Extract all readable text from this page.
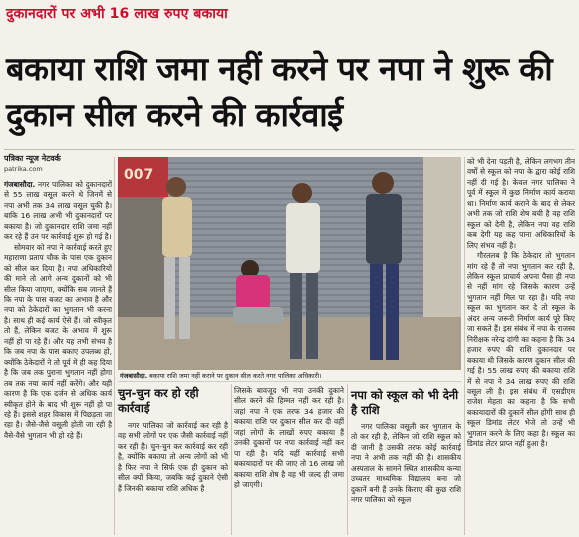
दुकानदारों पर अभी 16 लाख रुपए बकाया
बकाया राशि जमा नहीं करने पर नपा ने शुरू की दुकान सील करने की कार्रवाई
पत्रिका न्यूज नेटवर्क
patrika.com

गंजबासौदा. नगर पालिका को दुकानदारों से 55 लाख वसूल करने थे जिनमें से नपा अभी तक 34 लाख वसूल चुकी है। बाकि 16 लाख अभी भी दुकानदारों पर बकाया है। जो दुकानदार राशि जमा नहीं कर रहे हैं उन पर कार्रवाई शुरू हो गई है।

सोमवार को नपा ने कार्रवाई करते हुए महाराणा प्रताप चौक के पास एक दुकान को सील कर दिया है। नपा अधिकारियों की माने तो आगे अन्य दुकानों को भी सील किया जाएगा, क्योंकि सब जानते हैं कि नपा के पास बजट का अभाव है और नपा को ठेकेदारों का भुगतान भी करना है। साथ ही कई कार्य ऐसे हैं। जो स्वीकृत तो हैं, लेकिन बजट के अभाव में शुरू नहीं हो पा रहे हैं। और यह तभी संभव है कि जब नपा के पास बकाए उपलब्ध हो, क्योंकि ठेकेदारों ने तो पूर्व में ही कह दिया है कि जब तक पुराना भुगतान नहीं होगा तब तक नया कार्य नहीं करेंगे। और यही कारण है कि एक दर्जन से अधिक कार्य स्वीकृत होने के बाद भी शुरू नहीं हो पा रहे हैं। इससे शहर विकास में पिछड़ता जा रहा है। जैसे-जैसे वसूली होती जा रही है वैसे-वैसे भुगतान भी हो रहे हैं।

007
गंजबासौदा. बकाया राशि जमा नहीं कराने पर दुकान सील करते नगर पालिका अधिकारी।
चुन-चुन कर हो रही कार्रवाई

नगर पालिका जो कार्रवाई कर रही है वह सभी लोगों पर एक जैसी कार्रवाई नहीं कर रही है। चुन-चुन कर कार्रवाई कर रही है, क्योंकि बकाया तो अन्य लोगों को भी है फिर नपा ने सिर्फ एक ही दुकान को सील क्यों किया, जबकि कई दुकाने ऐसी हैं जिनकी बकाया राशि अधिक है

जिसके बावजूद भी नपा उनकी दुकाने सील करने की हिम्मत नहीं कर रही है। जहां नपा ने एक तरफ 34 हजार की बकाया राशि पर दुकान सील कर दी वहीं जहां लोगों के लाखों रुपए बकाया हैं उनकी दुकानों पर नपा कार्रवाई नहीं कर पा रही है। यदि यहीं कार्रवाई सभी बकायादारों पर की जाए तो 16 लाख जो बकाया राशि शेष है वह भी जल्द ही जमा हो जाएगी।

नपा को स्कूल को भी देनी है राशि

नगर पालिका वसूली कर भुगतान के तो कर रही है, लेकिन जो राशि स्कूल को दी जानी है उसकी तरफ कोई कार्रवाई नपा ने अभी तक नहीं की है। शासकीय अस्पताल के सामने स्थित शासकीय कन्या उच्चतर माध्यमिक विद्यालय बना जो दुकानें बनी हैं उनके किराए की कुछ राशि नगर पालिका को स्कूल

को भी देना पड़ती है, लेकिन लगभग तीन वर्षों से स्कूल को नपा के द्वारा कोई राशि नहीं दी गई है। केवल नगर पालिका ने पूर्व में स्कूल में कुछ निर्माण कार्य कराया था। निर्माण कार्य कराने के बाद से लेकर अभी तक जो राशि शेष बची है वह राशि स्कूल को देनी है, लेकिन नपा वह राशि कब देगी यह कह पाना अधिकारियों के लिए संभव नहीं है।

गौरतलब है कि ठेकेदार तो भुगतान मांग रहे हैं तो नपा भुगतान कर रही है, लेकिन स्कूल प्राचार्य अपना पैसा ही नपा से नहीं मांग रहे जिसके कारण उन्हें भुगतान नहीं मिल पा रहा है। यदि नपा स्कूल का भुगतान कर दे तो स्कूल के अंदर अन्य जरूरी निर्माण कार्य पूरे किए जा सकते हैं। इस संबंध में नपा के राजस्व निरीक्षक नरेन्द्र दांगी का कहना है कि 34 हजार रुपए की राशि दुकानदार पर बकाया थी जिसके कारण दुकान सील की गई है। 55 लाख रुपए की बकाया राशि में से नपा ने 34 लाख रुपए की राशि वसूल ली है। इस संबंध में एसडीएम राजेश मेहता का कहना है कि सभी बकायादारों की दुकानें सील होंगी साथ ही स्कूल डिमांड लेटर भेजे तो उन्हें भी भुगतान करने के लिए कहा है। स्कूल का डिमांड लेटर प्राप्त नहीं हुआ है।
